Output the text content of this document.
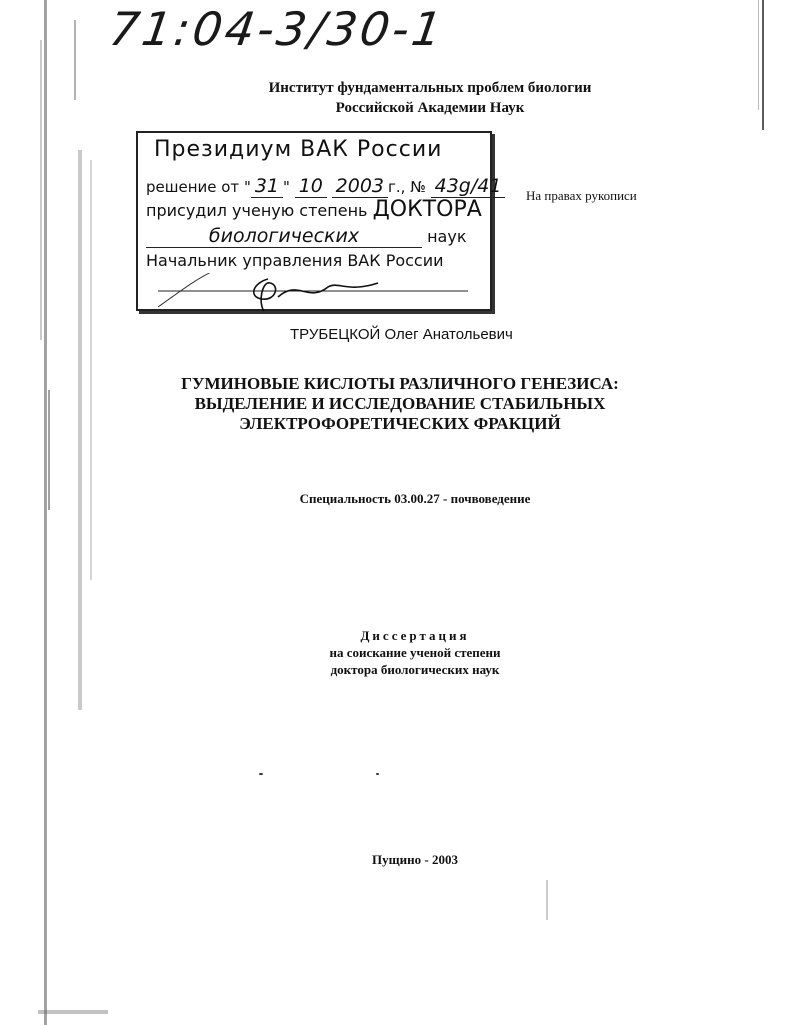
71:04-3/30-1
Институт фундаментальных проблем биологии
Российской Академии Наук
Президиум ВАК России
решение от " 31 " 10 2003 г., № 43g/41
присудил ученую степень ДОКТОРА
биологических	наук
Начальник управления ВАК России
На правах рукописи
ТРУБЕЦКОЙ Олег Анатольевич
ГУМИНОВЫЕ КИСЛОТЫ РАЗЛИЧНОГО ГЕНЕЗИСА:
ВЫДЕЛЕНИЕ И ИССЛЕДОВАНИЕ СТАБИЛЬНЫХ
ЭЛЕКТРОФОРЕТИЧЕСКИХ ФРАКЦИЙ
Специальность 03.00.27 - почвоведение
Диссертация
на соискание ученой степени
доктора биологических наук
Пущино - 2003
